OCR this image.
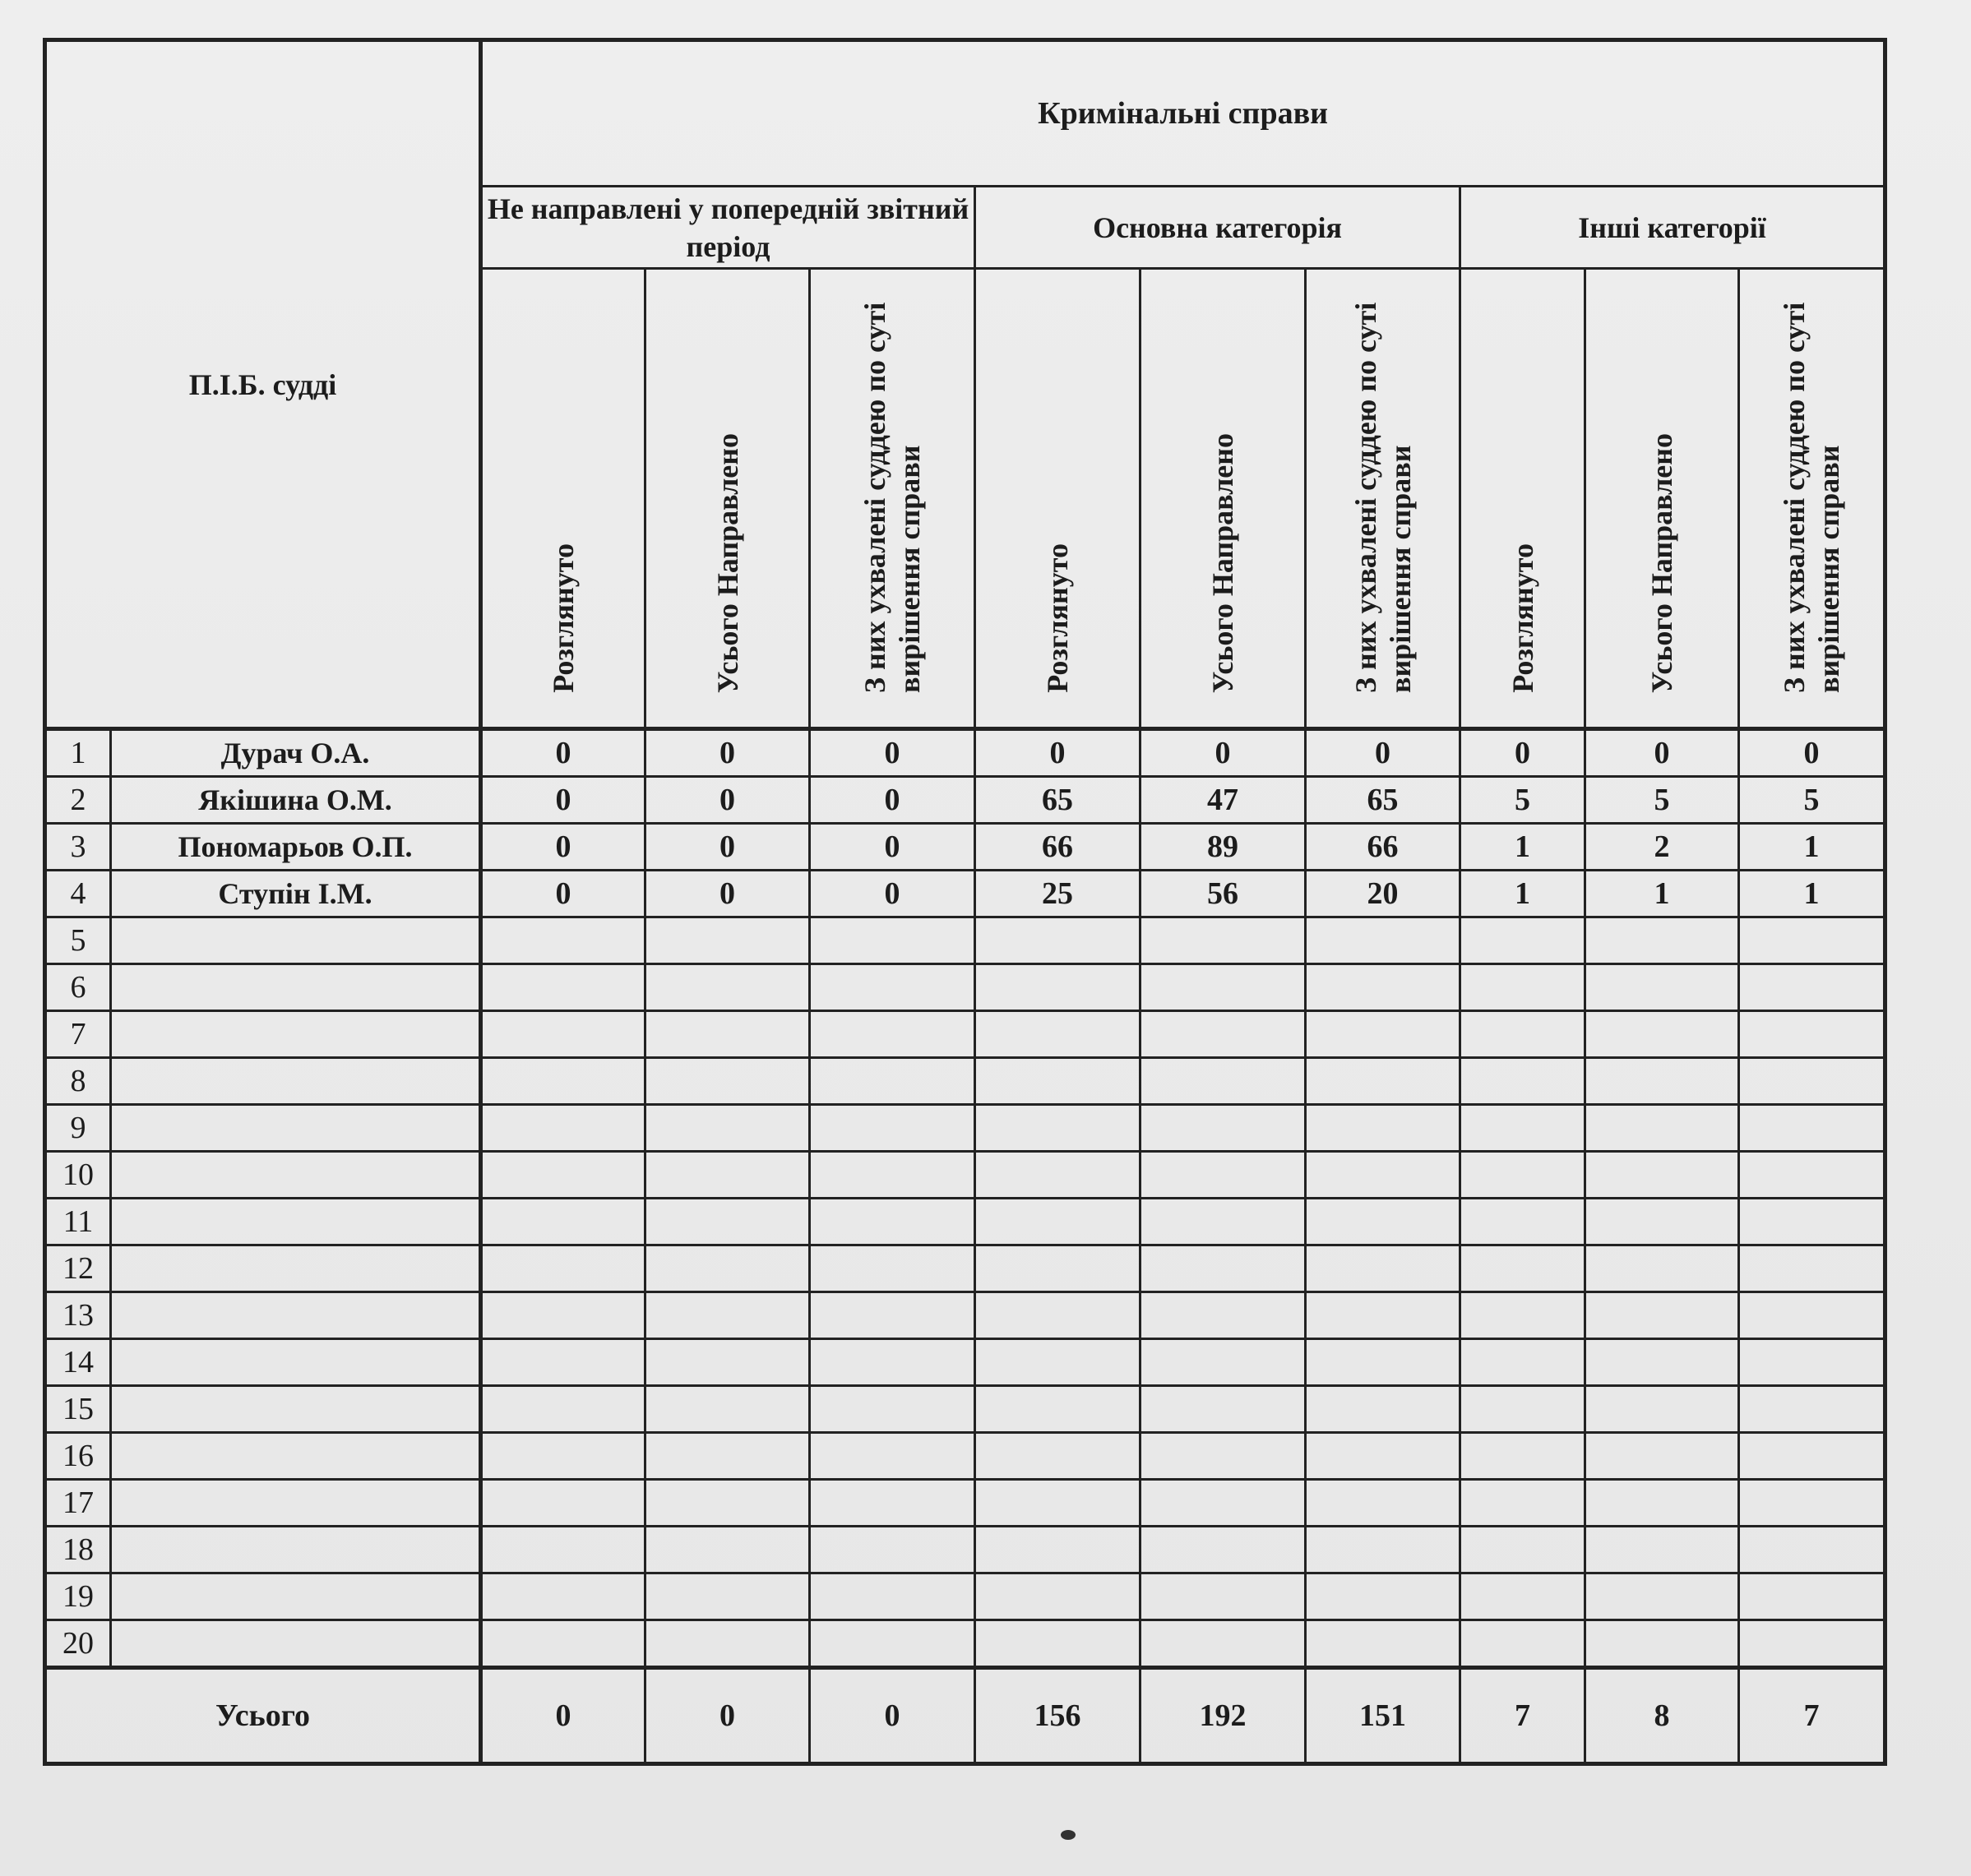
П.І.Б. судді		Кримінальні справи								
		Не направлені у попередній звітний період			Основна категорія			Інші категорії		
		Розглянуто	Усього Направлено	З них ухвалені суддею по суті вирішення справи	Розглянуто	Усього Направлено	З них ухвалені суддею по суті вирішення справи	Розглянуто	Усього Направлено	З них ухвалені суддею по суті вирішення справи
1	Дурач О.А.	0	0	0	0	0	0	0	0	0
2	Якішина О.М.	0	0	0	65	47	65	5	5	5
3	Пономарьов О.П.	0	0	0	66	89	66	1	2	1
4	Ступін І.М.	0	0	0	25	56	20	1	1	1
5										
6										
7										
8										
9										
10										
11										
12										
13										
14										
15										
16										
17										
18										
19										
20										
Усього		0	0	0	156	192	151	7	8	7
